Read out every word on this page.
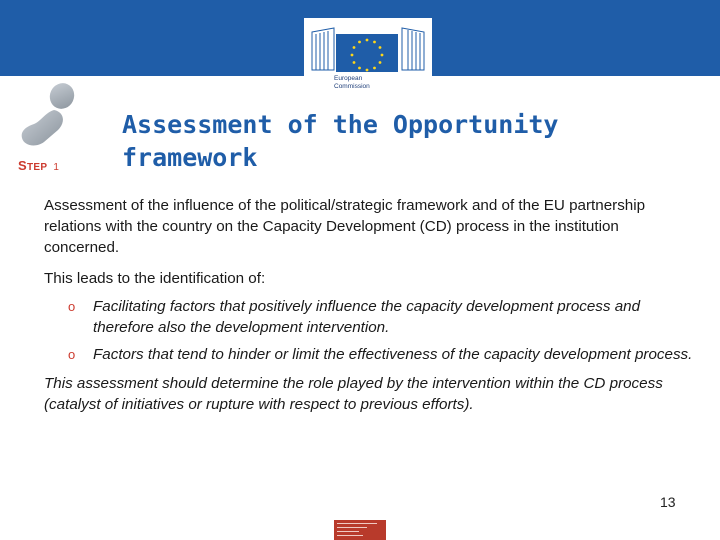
European
Commission
STEP 1
Assessment of the Opportunity framework

Assessment of the influence of the political/strategic framework and of the EU partnership relations with the country on the Capacity Development (CD) process in the institution concerned.

This leads to the identification of:

o Facilitating factors that positively influence the capacity development process and therefore also the development intervention.
o Factors that tend to hinder or limit the effectiveness of the capacity development process.

This assessment should determine the role played by the intervention within the CD process (catalyst of initiatives or rupture with respect to previous efforts).

13
